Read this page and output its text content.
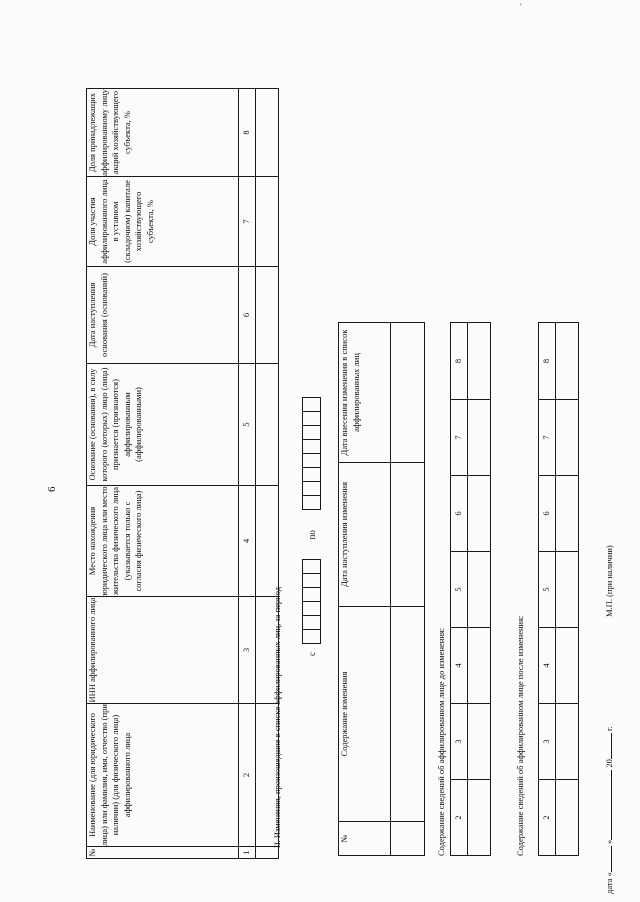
'
6
№	Наименование (для юридического лица) или фамилия, имя, отчество (при наличии) (для физического лица) аффилированного лица	ИНН аффилированного лица	Место нахождения юридического лица или место жительства физического лица (указывается только с согласия физического лица)	Основание (основания), в силу которого (которых) лицо (лица) признается (признаются) аффилированным (аффилированными)	Дата наступления основания (оснований)	Доля участия аффилированного лица в уставном (складочном) капитале хозяйствующего субъекта, %	Доля принадлежащих аффилированному лицу акций хозяйствующего субъекта, %
1	2	3	4	5	6	7	8

II. Изменения, произошедшие в списке аффилированных лиц, за период	с  по
№	Содержание изменения	Дата наступления изменения	Дата внесения изменения в список аффилированных лиц

Содержание сведений об аффилированном лице до изменения: 2	3	4	5	6	7	8

Содержание сведений об аффилированном лице после изменения: 2	3	4	5	6	7	8

дата « » 20 г.
М.П. (при наличии)
